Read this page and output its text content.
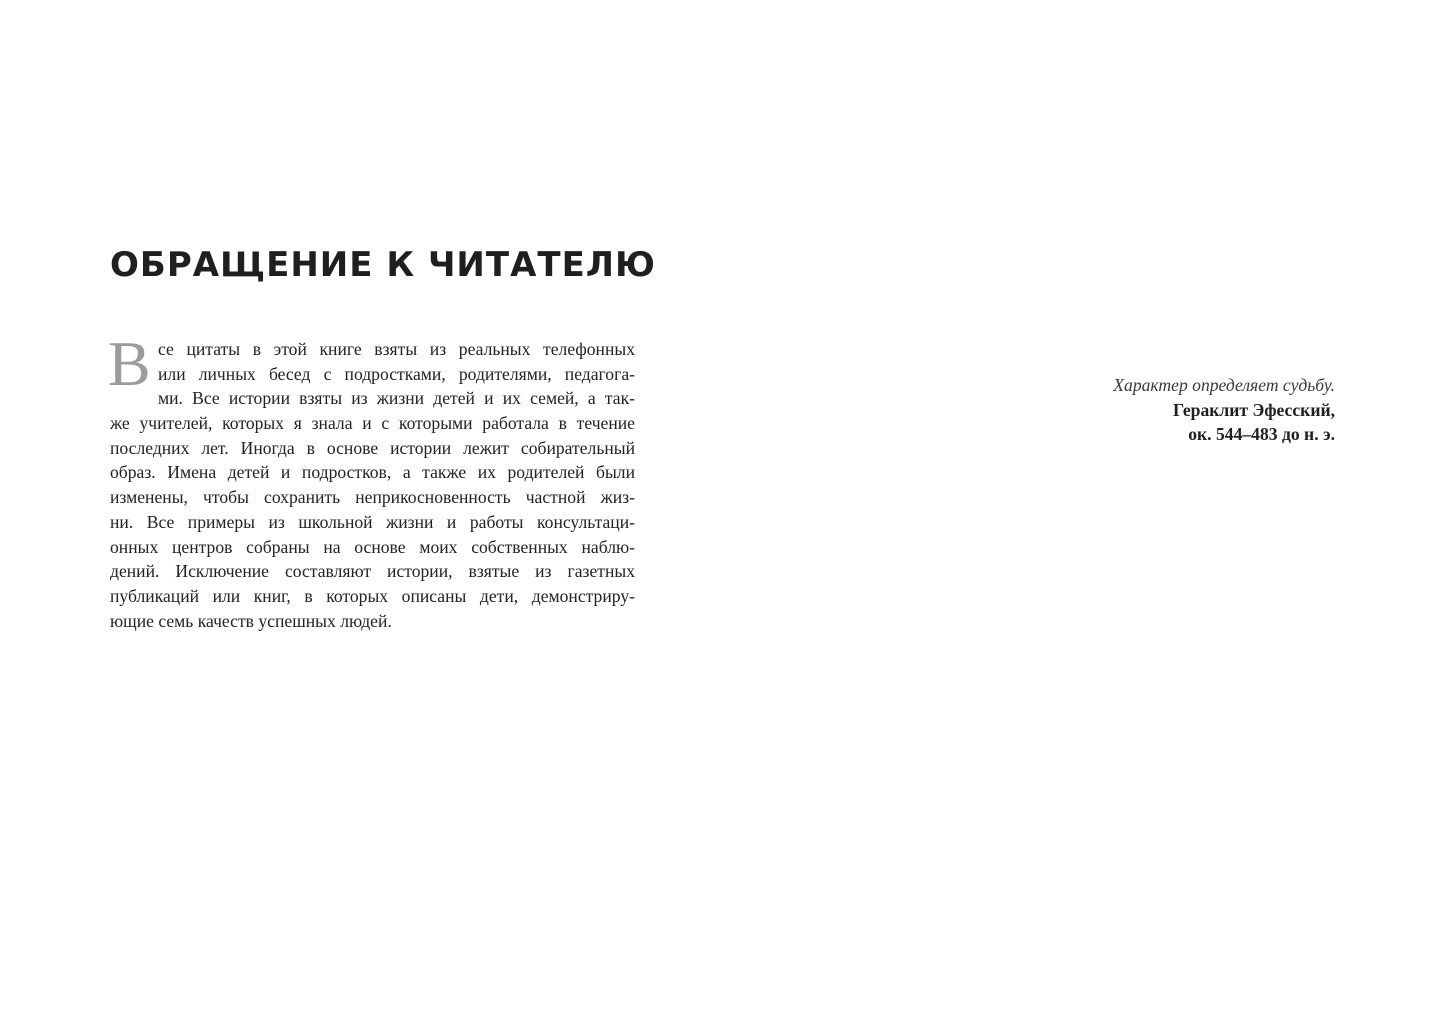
ОБРАЩЕНИЕ К ЧИТАТЕЛЮ
В се цитаты в этой книге взяты из реальных телефонных
или личных бесед с подростками, родителями, педагога-
ми. Все истории взяты из жизни детей и их семей, а так-
же учителей, которых я знала и с которыми работала в течение
последних лет. Иногда в основе истории лежит собирательный
образ. Имена детей и подростков, а также их родителей были
изменены, чтобы сохранить неприкосновенность частной жиз-
ни. Все примеры из школьной жизни и работы консультаци-
онных центров собраны на основе моих собственных наблю-
дений. Исключение составляют истории, взятые из газетных
публикаций или книг, в которых описаны дети, демонстриру-
ющие семь качеств успешных людей.
Характер определяет судьбу.
Гераклит Эфесский,
ок. 544–483 до н. э.
